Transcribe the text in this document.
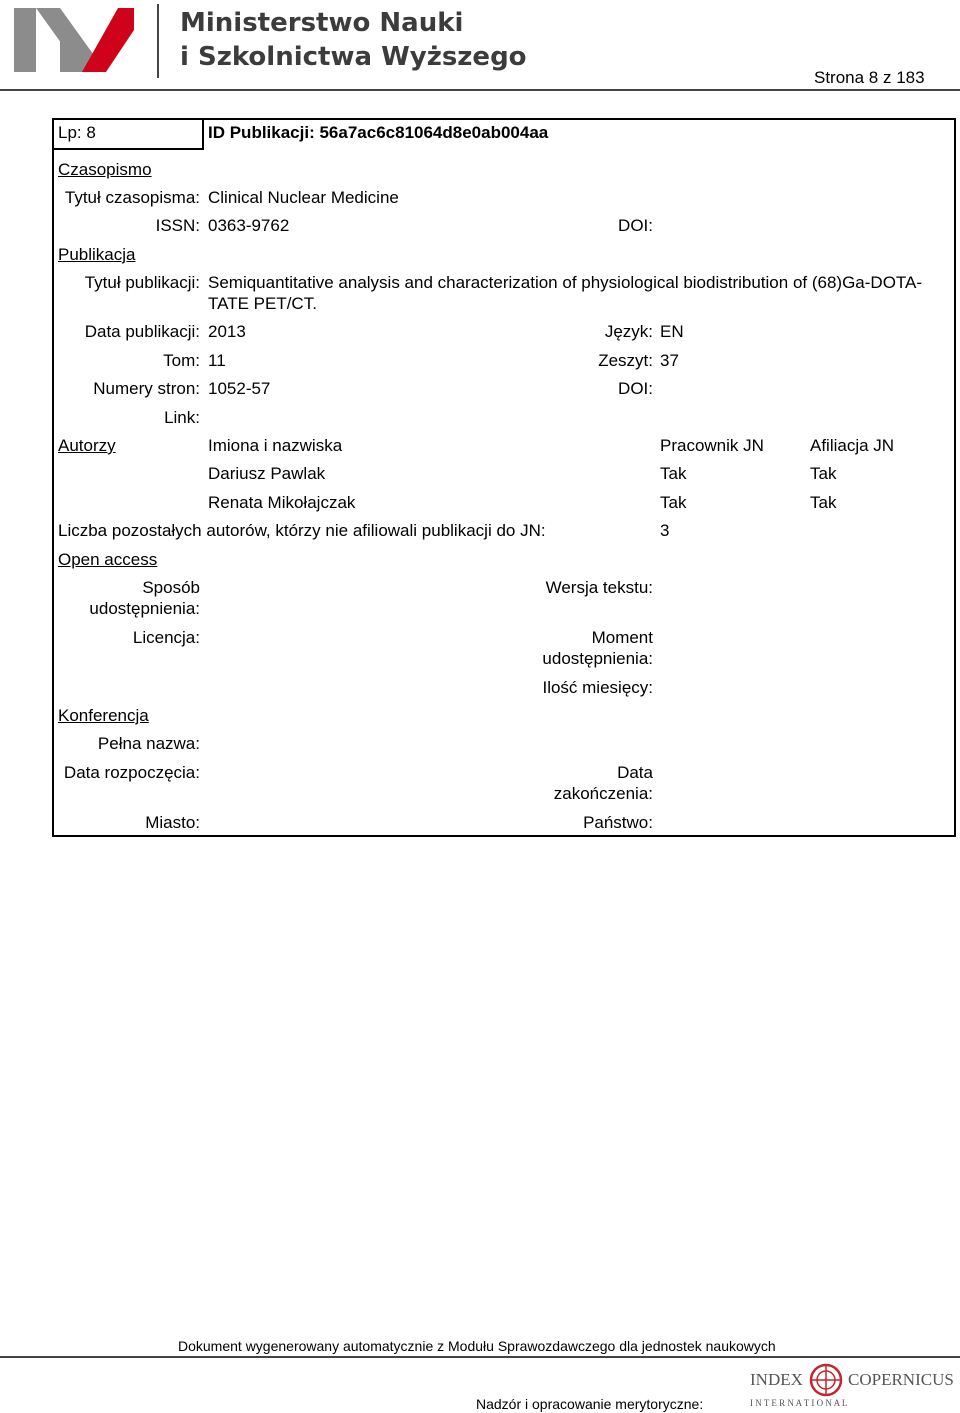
Ministerstwo Nauki
i Szkolnictwa Wyższego
Strona 8 z 183
Lp: 8	ID Publikacji: 56a7ac6c81064d8e0ab004aa
Czasopismo
Tytuł czasopisma: Clinical Nuclear Medicine
ISSN: 0363-9762	DOI:
Publikacja
Tytuł publikacji: Semiquantitative analysis and characterization of physiological biodistribution of (68)Ga-DOTA-
TATE PET/CT.
Data publikacji: 2013	Język: EN
Tom: 11	Zeszyt: 37
Numery stron: 1052-57	DOI:
Link:
Autorzy	Imiona i nazwiska	Pracownik JN	Afiliacja JN
Dariusz Pawlak	Tak	Tak
Renata Mikołajczak	Tak	Tak
Liczba pozostałych autorów, którzy nie afiliowali publikacji do JN:	3
Open access
Sposób
udostępnienia:
Wersja tekstu:
Licencja:	Moment
udostępnienia:
Ilość miesięcy:
Konferencja
Pełna nazwa:
Data rozpoczęcia:	Data
zakończenia:
Miasto:	Państwo:
Dokument wygenerowany automatycznie z Modułu Sprawozdawczego dla jednostek naukowych
Nadzór i opracowanie merytoryczne:
INDEX	COPERNICUS
I N T E R N A T I O N A L
